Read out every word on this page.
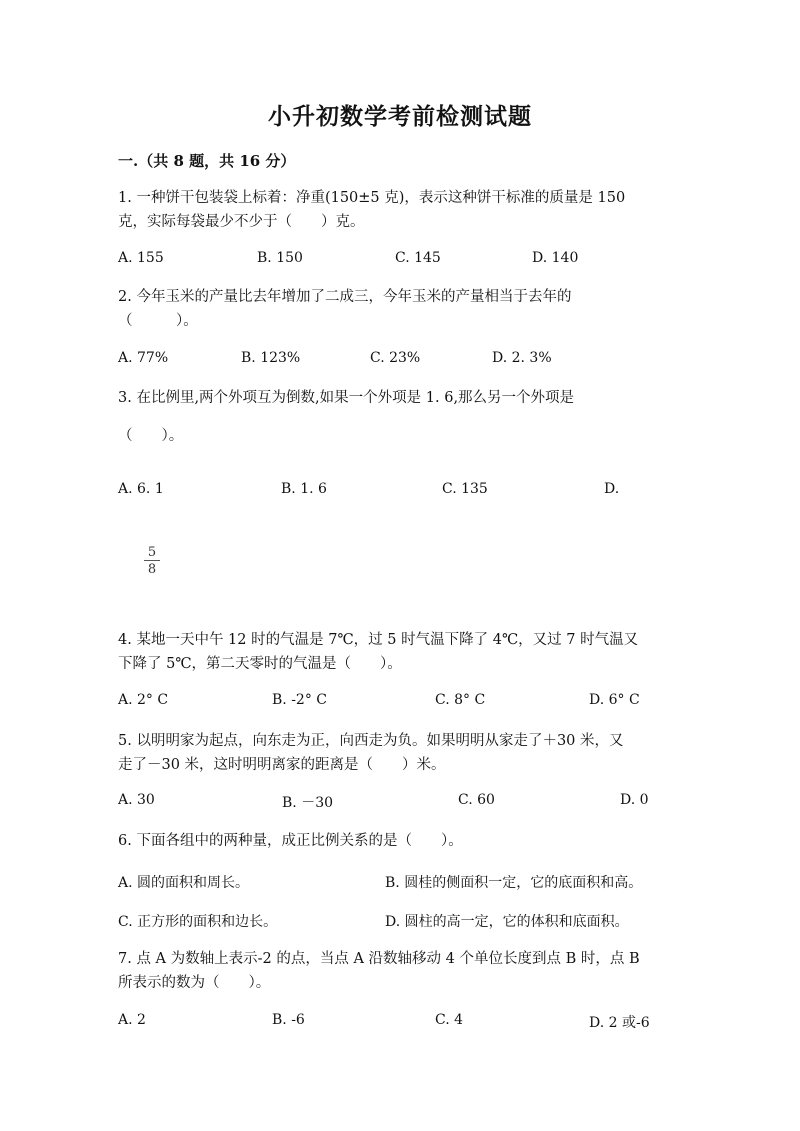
小升初数学考前检测试题
一.（共 8 题，共 16 分）
1. 一种饼干包装袋上标着：净重(150±5 克)，表示这种饼干标准的质量是 150
克，实际每袋最少不少于（　　）克。
A. 155	B. 150	C. 145	D. 140
2. 今年玉米的产量比去年增加了二成三，今年玉米的产量相当于去年的
（　　　）。
A. 77%	B. 123%	C. 23%	D. 2. 3%
3. 在比例里,两个外项互为倒数,如果一个外项是 1. 6,那么另一个外项是
（　　）。
A. 6. 1	B. 1. 6	C. 135	D.
5
8
4. 某地一天中午 12 时的气温是 7℃，过 5 时气温下降了 4℃，又过 7 时气温又
下降了 5℃，第二天零时的气温是（　　）。
A. 2° C	B. -2° C	C. 8° C	D. 6° C
5. 以明明家为起点，向东走为正，向西走为负。如果明明从家走了＋30 米，又
走了－30 米，这时明明离家的距离是（　　）米。
A. 30	B. －30	C. 60	D. 0
6. 下面各组中的两种量，成正比例关系的是（　　）。
A. 圆的面积和周长。	B. 圆桂的侧面积一定，它的底面积和高。
C. 正方形的面积和边长。	D. 圆柱的高一定，它的体积和底面积。
7. 点 A 为数轴上表示-2 的点，当点 A 沿数轴移动 4 个单位长度到点 B 时，点 B
所表示的数为（　　）。
A. 2	B. -6	C. 4	D. 2 或-6
